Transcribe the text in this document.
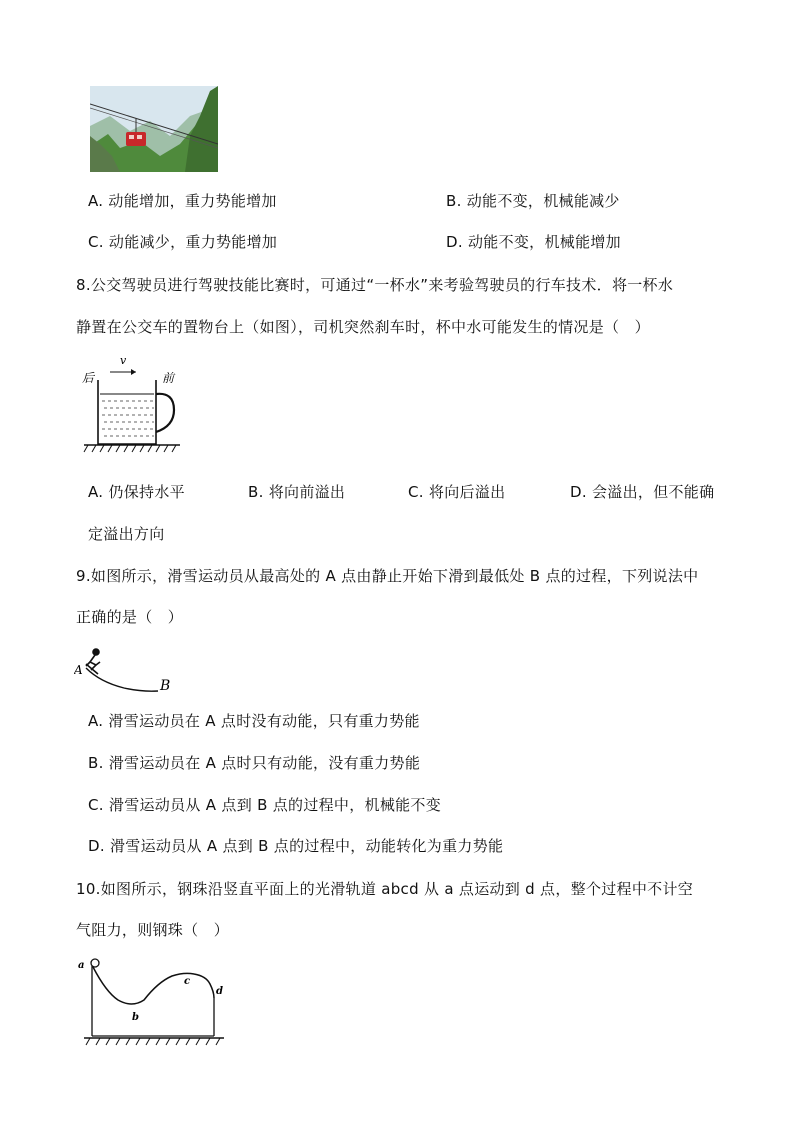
A. 动能增加，重力势能增加	B. 动能不变，机械能减少
C. 动能减少，重力势能增加	D. 动能不变，机械能增加
8.公交驾驶员进行驾驶技能比赛时，可通过“一杯水”来考验驾驶员的行车技术．将一杯水
静置在公交车的置物台上（如图），司机突然刹车时，杯中水可能发生的情况是（　）
后	前
v
A. 仍保持水平	B. 将向前溢出	C. 将向后溢出	D. 会溢出，但不能确
定溢出方向
9.如图所示，滑雪运动员从最高处的 A 点由静止开始下滑到最低处 B 点的过程，下列说法中
正确的是（　）
A
B
A. 滑雪运动员在 A 点时没有动能，只有重力势能
B. 滑雪运动员在 A 点时只有动能，没有重力势能
C. 滑雪运动员从 A 点到 B 点的过程中，机械能不变
D. 滑雪运动员从 A 点到 B 点的过程中，动能转化为重力势能
10.如图所示，钢珠沿竖直平面上的光滑轨道 abcd 从 a 点运动到 d 点，整个过程中不计空
气阻力，则钢珠（　）
a
b
c
d
